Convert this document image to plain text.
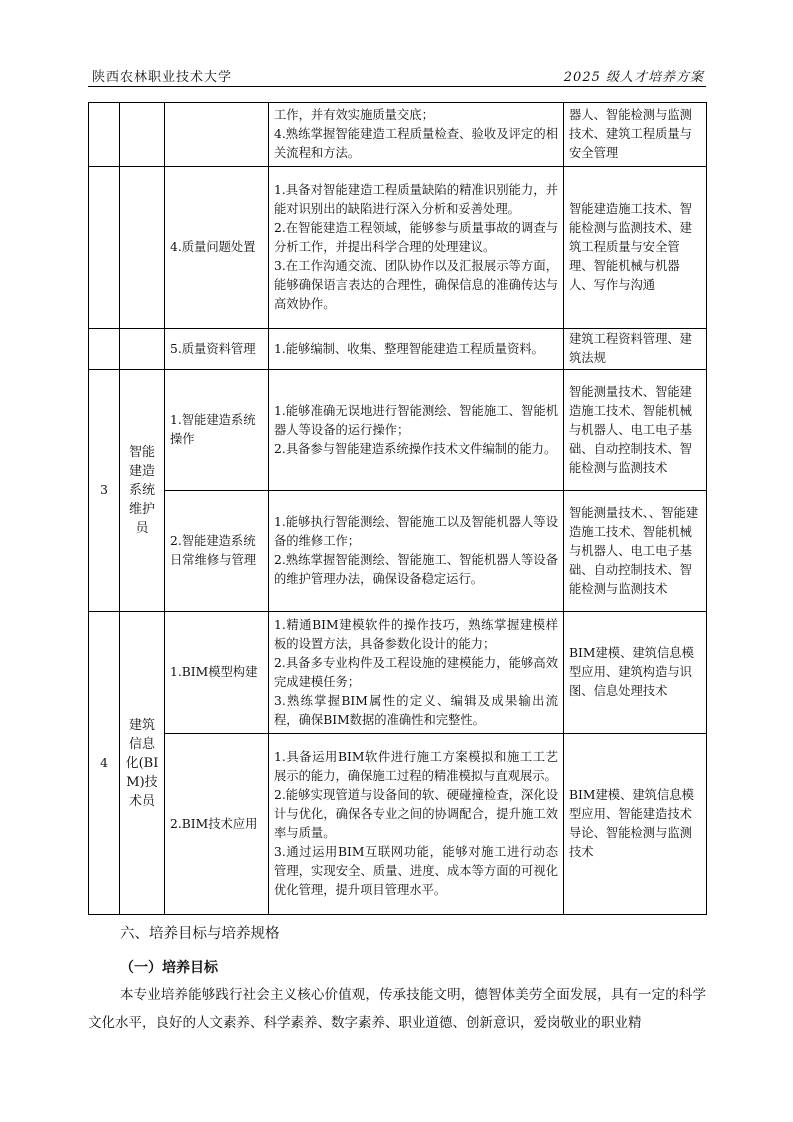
陕西农林职业技术大学	2025 级人才培养方案
			工作，并有效实施质量交底；
4.熟练掌握智能建造工程质量检查、验收及评定的相关流程和方法。	器人、智能检测与监测技术、建筑工程质量与安全管理
		4.质量问题处置	1.具备对智能建造工程质量缺陷的精准识别能力，并能对识别出的缺陷进行深入分析和妥善处理。
2.在智能建造工程领域，能够参与质量事故的调查与分析工作，并提出科学合理的处理建议。
3.在工作沟通交流、团队协作以及汇报展示等方面，能够确保语言表达的合理性，确保信息的准确传达与高效协作。	智能建造施工技术、智能检测与监测技术、建筑工程质量与安全管理、智能机械与机器人、写作与沟通
		5.质量资料管理	1.能够编制、收集、整理智能建造工程质量资料。	建筑工程资料管理、建筑法规
3	智能建造系统维护员	1.智能建造系统操作	1.能够准确无误地进行智能测绘、智能施工、智能机器人等设备的运行操作；
2.具备参与智能建造系统操作技术文件编制的能力。	智能测量技术、智能建造施工技术、智能机械与机器人、电工电子基础、自动控制技术、智能检测与监测技术
		2.智能建造系统日常维修与管理	1.能够执行智能测绘、智能施工以及智能机器人等设备的维修工作；
2.熟练掌握智能测绘、智能施工、智能机器人等设备的维护管理办法，确保设备稳定运行。	智能测量技术、、智能建造施工技术、智能机械与机器人、电工电子基础、自动控制技术、智能检测与监测技术
4	建筑信息化(BIM)技术员	1.BIM模型构建	1.精通BIM建模软件的操作技巧，熟练掌握建模样板的设置方法，具备参数化设计的能力；
2.具备多专业构件及工程设施的建模能力，能够高效完成建模任务；
3.熟练掌握BIM属性的定义、编辑及成果输出流程，确保BIM数据的准确性和完整性。	BIM建模、建筑信息模型应用、建筑构造与识图、信息处理技术
		2.BIM技术应用	1.具备运用BIM软件进行施工方案模拟和施工工艺展示的能力，确保施工过程的精准模拟与直观展示。
2.能够实现管道与设备间的软、硬碰撞检查，深化设计与优化，确保各专业之间的协调配合，提升施工效率与质量。
3.通过运用BIM互联网功能，能够对施工进行动态管理，实现安全、质量、进度、成本等方面的可视化优化管理，提升项目管理水平。	BIM建模、建筑信息模型应用、智能建造技术导论、智能检测与监测技术
六、培养目标与培养规格
（一）培养目标
本专业培养能够践行社会主义核心价值观，传承技能文明，德智体美劳全面发展，具有一定的科学文化水平，良好的人文素养、科学素养、数字素养、职业道德、创新意识，爱岗敬业的职业精
